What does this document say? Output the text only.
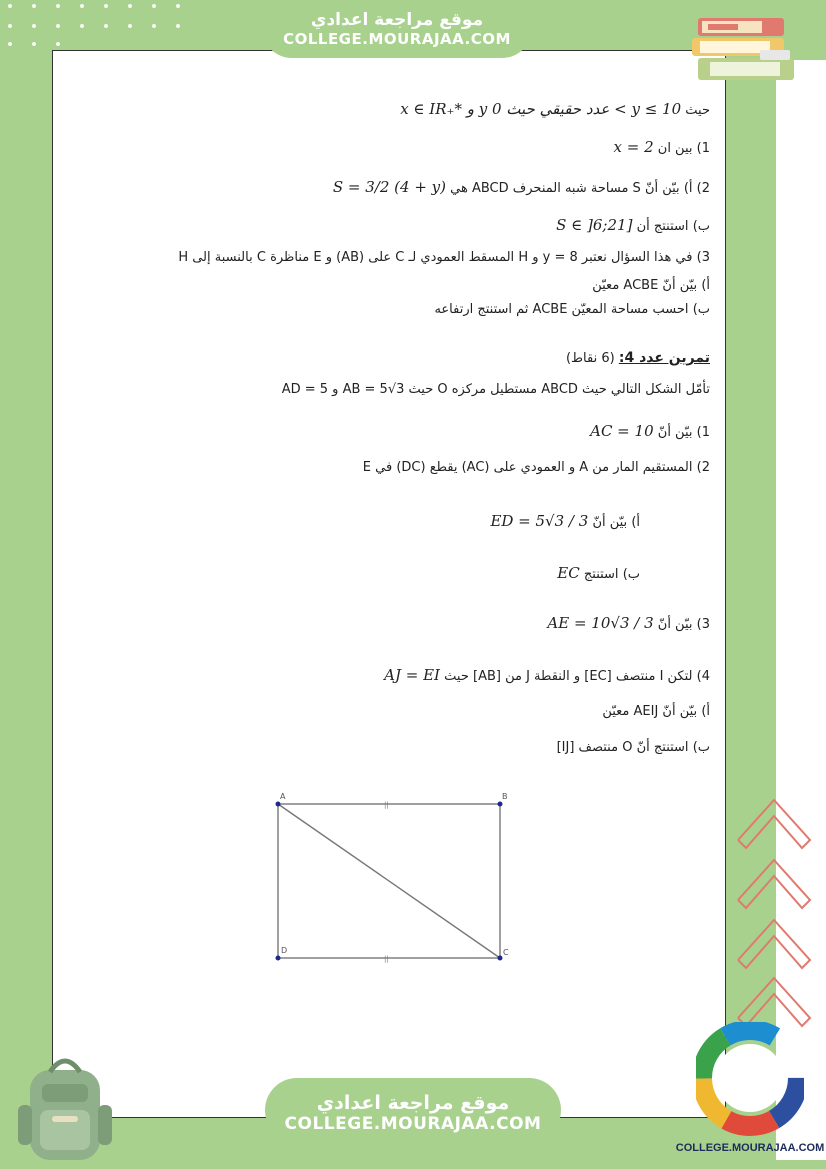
موقع مراجعة اعدادي
COLLEGE.MOURAJAA.COM
حيث x ∈ IR₊* و y عدد حقيقي حيث 0 < y ≤ 10
1) بين ان x = 2
2) أ) بيّن أنّ S مساحة شبه المنحرف ABCD هي S = 3/2 (4 + y)
ب) استنتج أن S ∈ ]6;21]
3) في هذا السؤال نعتبر y = 8 و H المسقط العمودي لـ C على (AB) و E مناظرة C بالنسبة إلى H
أ) بيّن أنّ ACBE معيّن
ب) احسب مساحة المعيّن ACBE ثم استنتج ارتفاعه
تمرين عدد 4: (6 نقاط)
تأمّل الشكل التالي حيث ABCD مستطيل مركزه O حيث AB = 5√3 و AD = 5
1) بيّن أنّ AC = 10
2) المستقيم المار من A و العمودي على (AC) يقطع (DC) في E
أ) بيّن أنّ ED = 5√3 / 3
ب) استنتج EC
3) بيّن أنّ AE = 10√3 / 3
4) لتكن I منتصف [EC] و النقطة J من [AB] حيث AJ = EI
أ) بيّن أنّ AEIJ معيّن
ب) استنتج أنّ O منتصف [IJ]
A	B
C
D
||
||
COLLEGE.MOURAJAA.COM
موقع مراجعة اعدادي
COLLEGE.MOURAJAA.COM
